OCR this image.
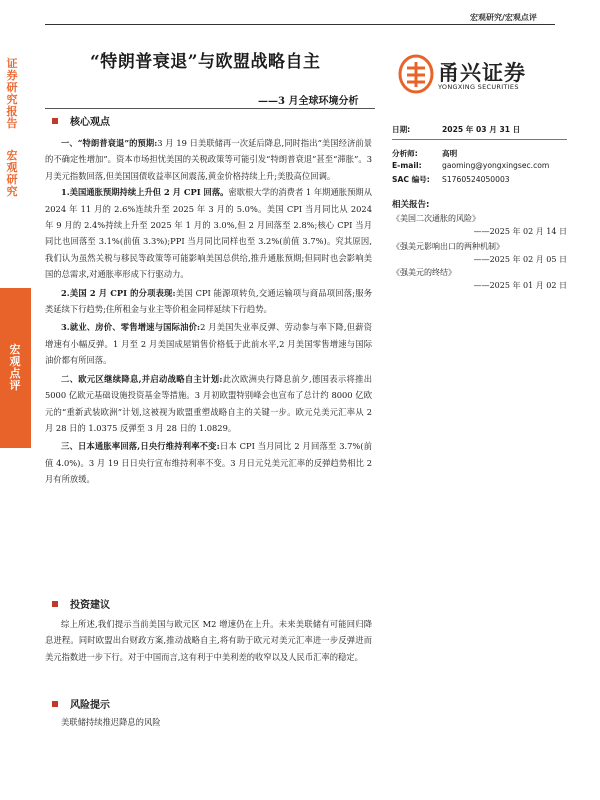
宏观研究/宏观点评
证券研究报告
宏观研究
宏观点评
“特朗普衰退”与欧盟战略自主
——3 月全球环境分析
甬兴证券
YONGXING SECURITIES
日期:	2025 年 03 月 31 日
分析师:	高明
E-mail:	gaoming@yongxingsec.com
SAC 编号: S1760524050003
相关报告:
《美国二次通胀的风险》
——2025 年 02 月 14 日
《强美元影响出口的两种机制》
——2025 年 02 月 05 日
《强美元的终结》
——2025 年 01 月 02 日
核心观点

一、“特朗普衰退”的预期:3 月 19 日美联储再一次延后降息,同时指出“美国经济前景的不确定性增加”。资本市场担忧美国的关税政策等可能引发“特朗普衰退”甚至“滞胀”。3 月美元指数回落,但美国国债收益率区间震荡,黄金价格持续上升;美股高位回调。

1.美国通胀预期持续上升但 2 月 CPI 回落。密歇根大学的消费者 1 年期通胀预期从 2024 年 11 月的 2.6%连续升至 2025 年 3 月的 5.0%。美国 CPI 当月同比从 2024 年 9 月的 2.4%持续上升至 2025 年 1 月的 3.0%,但 2 月回落至 2.8%;核心 CPI 当月同比也回落至 3.1%(前值 3.3%);PPI 当月同比同样也至 3.2%(前值 3.7%)。究其原因,我们认为虽然关税与移民等政策等可能影响美国总供给,推升通胀预期;但同时也会影响美国的总需求,对通胀率形成下行驱动力。

2.美国 2 月 CPI 的分项表现:美国 CPI 能源项转负,交通运输项与商品项回落;服务类延续下行趋势;住所租金与业主等价租金同样延续下行趋势。

3.就业、房价、零售增速与国际油价:2 月美国失业率反弹、劳动参与率下降,但薪资增速有小幅反弹。1 月至 2 月美国成屋销售价格低于此前水平,2 月美国零售增速与国际油价都有所回落。

二、欧元区继续降息,并启动战略自主计划:此次欧洲央行降息前夕,德国表示将推出 5000 亿欧元基础设施投资基金等措施。3 月初欧盟特别峰会也宣布了总计约 8000 亿欧元的“重新武装欧洲”计划,这被视为欧盟重塑战略自主的关键一步。欧元兑美元汇率从 2 月 28 日的 1.0375 反弹至 3 月 28 日的 1.0829。

三、日本通胀率回落,日央行维持利率不变:日本 CPI 当月同比 2 月回落至 3.7%(前值 4.0%)。3 月 19 日日央行宣布维持利率不变。3 月日元兑美元汇率的反弹趋势相比 2 月有所放缓。

投资建议

综上所述,我们提示当前美国与欧元区 M2 增速仍在上升。未来美联储有可能回归降息进程。同时欧盟出台财政方案,推动战略自主,将有助于欧元对美元汇率进一步反弹进而美元指数进一步下行。对于中国而言,这有利于中美利差的收窄以及人民币汇率的稳定。

风险提示

美联储持续推迟降息的风险
